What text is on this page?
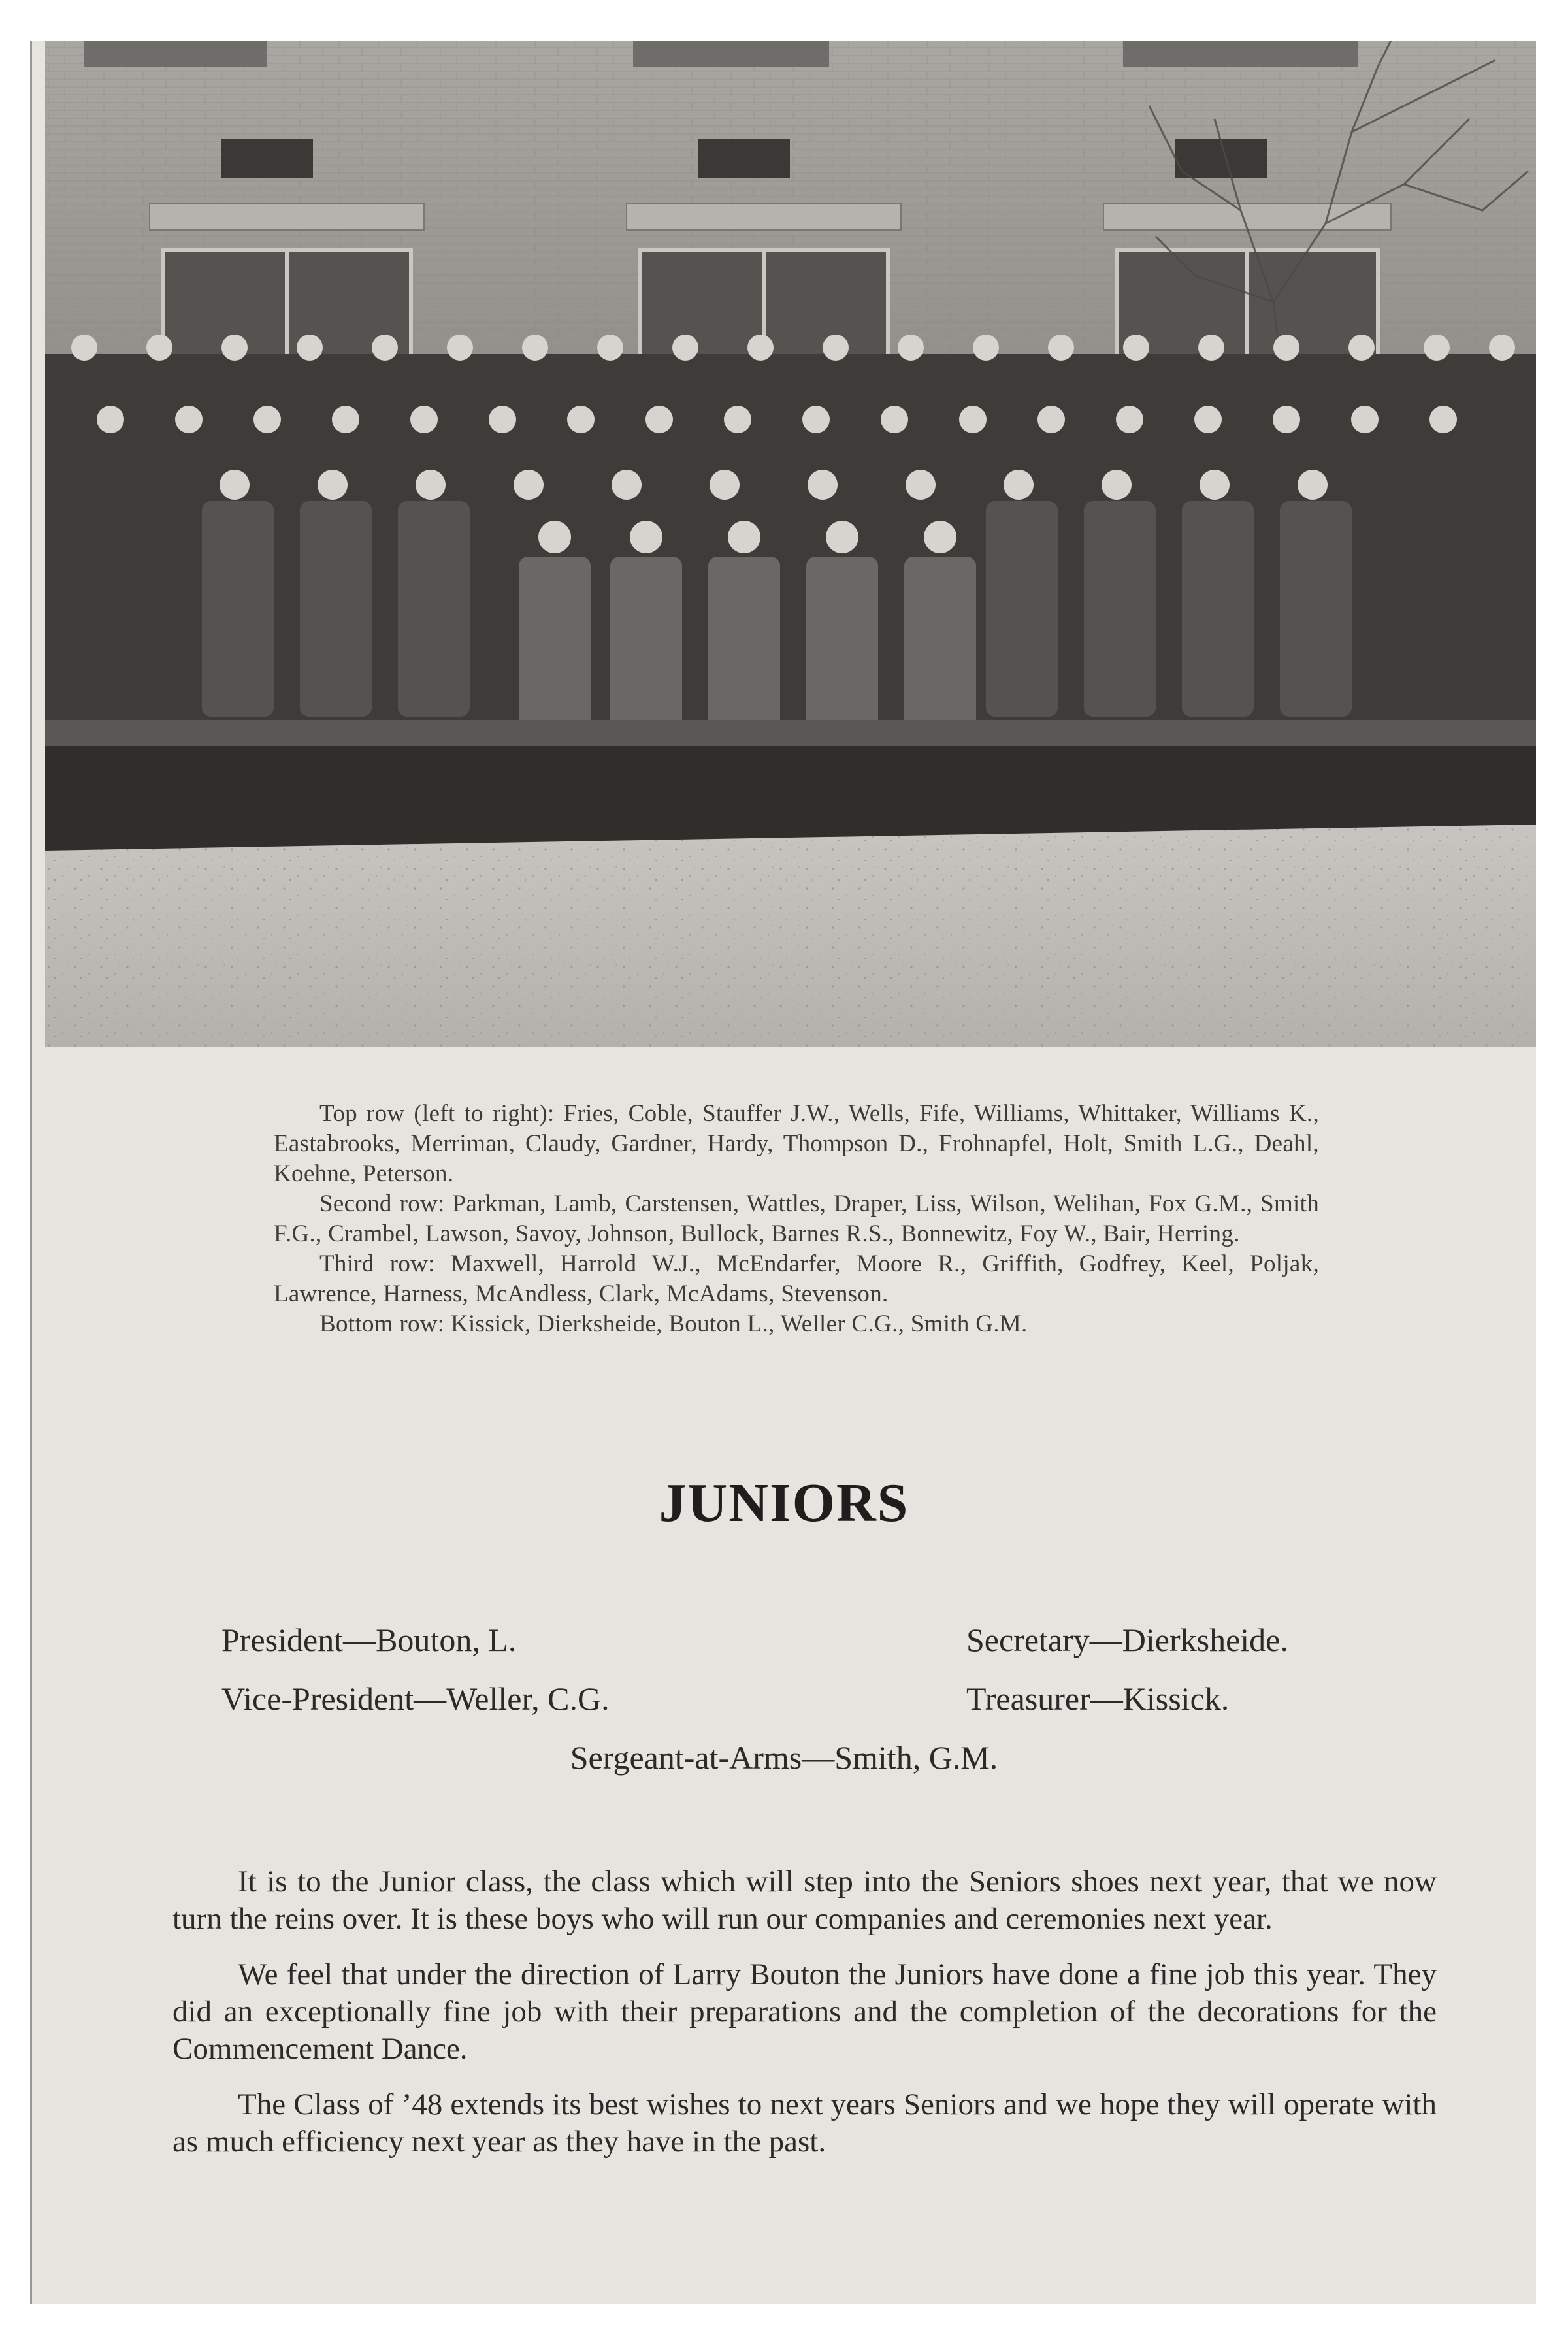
Top row (left to right): Fries, Coble, Stauffer J.W., Wells, Fife, Williams, Whittaker, Williams K., Eastabrooks, Merriman, Claudy, Gardner, Hardy, Thompson D., Frohnapfel, Holt, Smith L.G., Deahl, Koehne, Peterson.

Second row: Parkman, Lamb, Carstensen, Wattles, Draper, Liss, Wilson, Welihan, Fox G.M., Smith F.G., Crambel, Lawson, Savoy, Johnson, Bullock, Barnes R.S., Bonnewitz, Foy W., Bair, Herring.

Third row: Maxwell, Harrold W.J., McEndarfer, Moore R., Griffith, Godfrey, Keel, Poljak, Lawrence, Harness, McAndless, Clark, McAdams, Stevenson.

Bottom row: Kissick, Dierksheide, Bouton L., Weller C.G., Smith G.M.

JUNIORS
President—Bouton, L.
Vice-President—Weller, C.G.
Secretary—Dierksheide.
Treasurer—Kissick.
Sergeant-at-Arms—Smith, G.M.

It is to the Junior class, the class which will step into the Seniors shoes next year, that we now turn the reins over. It is these boys who will run our companies and ceremonies next year.

We feel that under the direction of Larry Bouton the Juniors have done a fine job this year. They did an exceptionally fine job with their preparations and the completion of the decorations for the Commencement Dance.

The Class of ’48 extends its best wishes to next years Seniors and we hope they will operate with as much efficiency next year as they have in the past.
